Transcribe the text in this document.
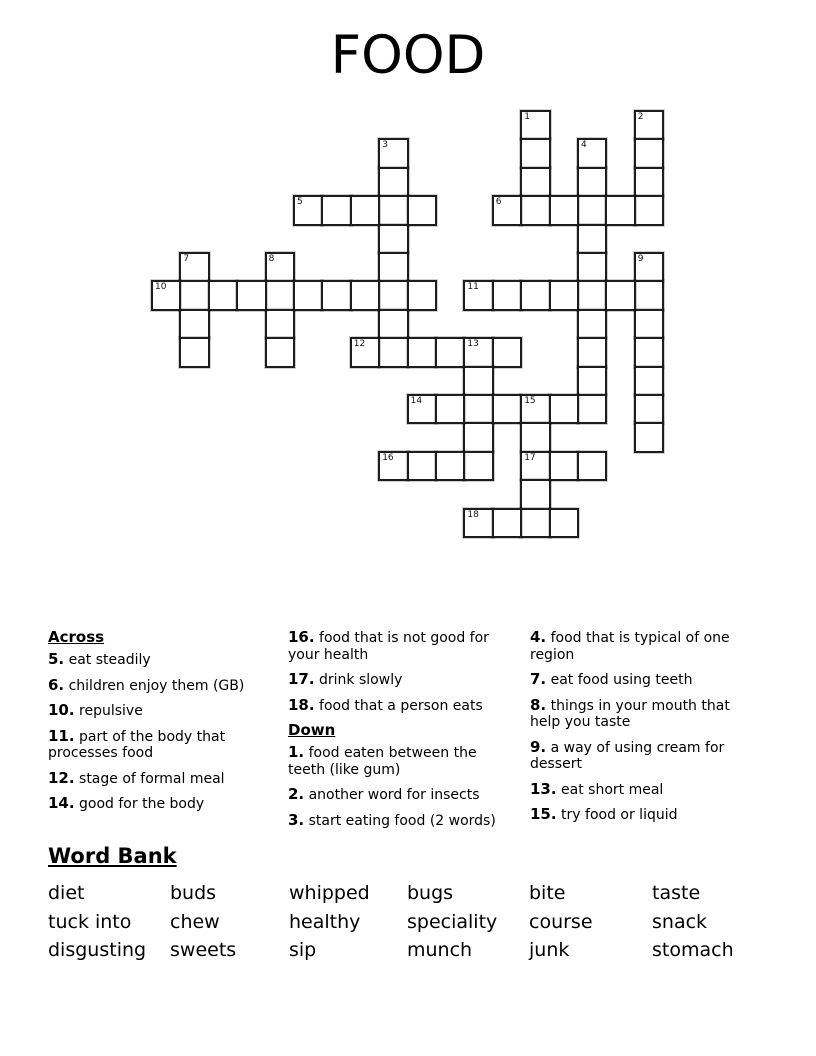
FOOD
1	2
3	4
5	6
7	8	9
10	11
12	13
14	15
17
16
18
Across
5. eat steadily
6. children enjoy them (GB)
10. repulsive
11. part of the body that processes food
12. stage of formal meal
14. good for the body
16. food that is not good for your health
17. drink slowly
18. food that a person eats
Down
1. food eaten between the teeth (like gum)
2. another word for insects
3. start eating food (2 words)
4. food that is typical of one region
7. eat food using teeth
8. things in your mouth that help you taste
9. a way of using cream for dessert
13. eat short meal
15. try food or liquid
Word Bank
diet	buds	whipped	bugs	bite	taste
tuck into	chew	healthy	speciality	course	snack
disgusting	sweets	sip	munch	junk	stomach
